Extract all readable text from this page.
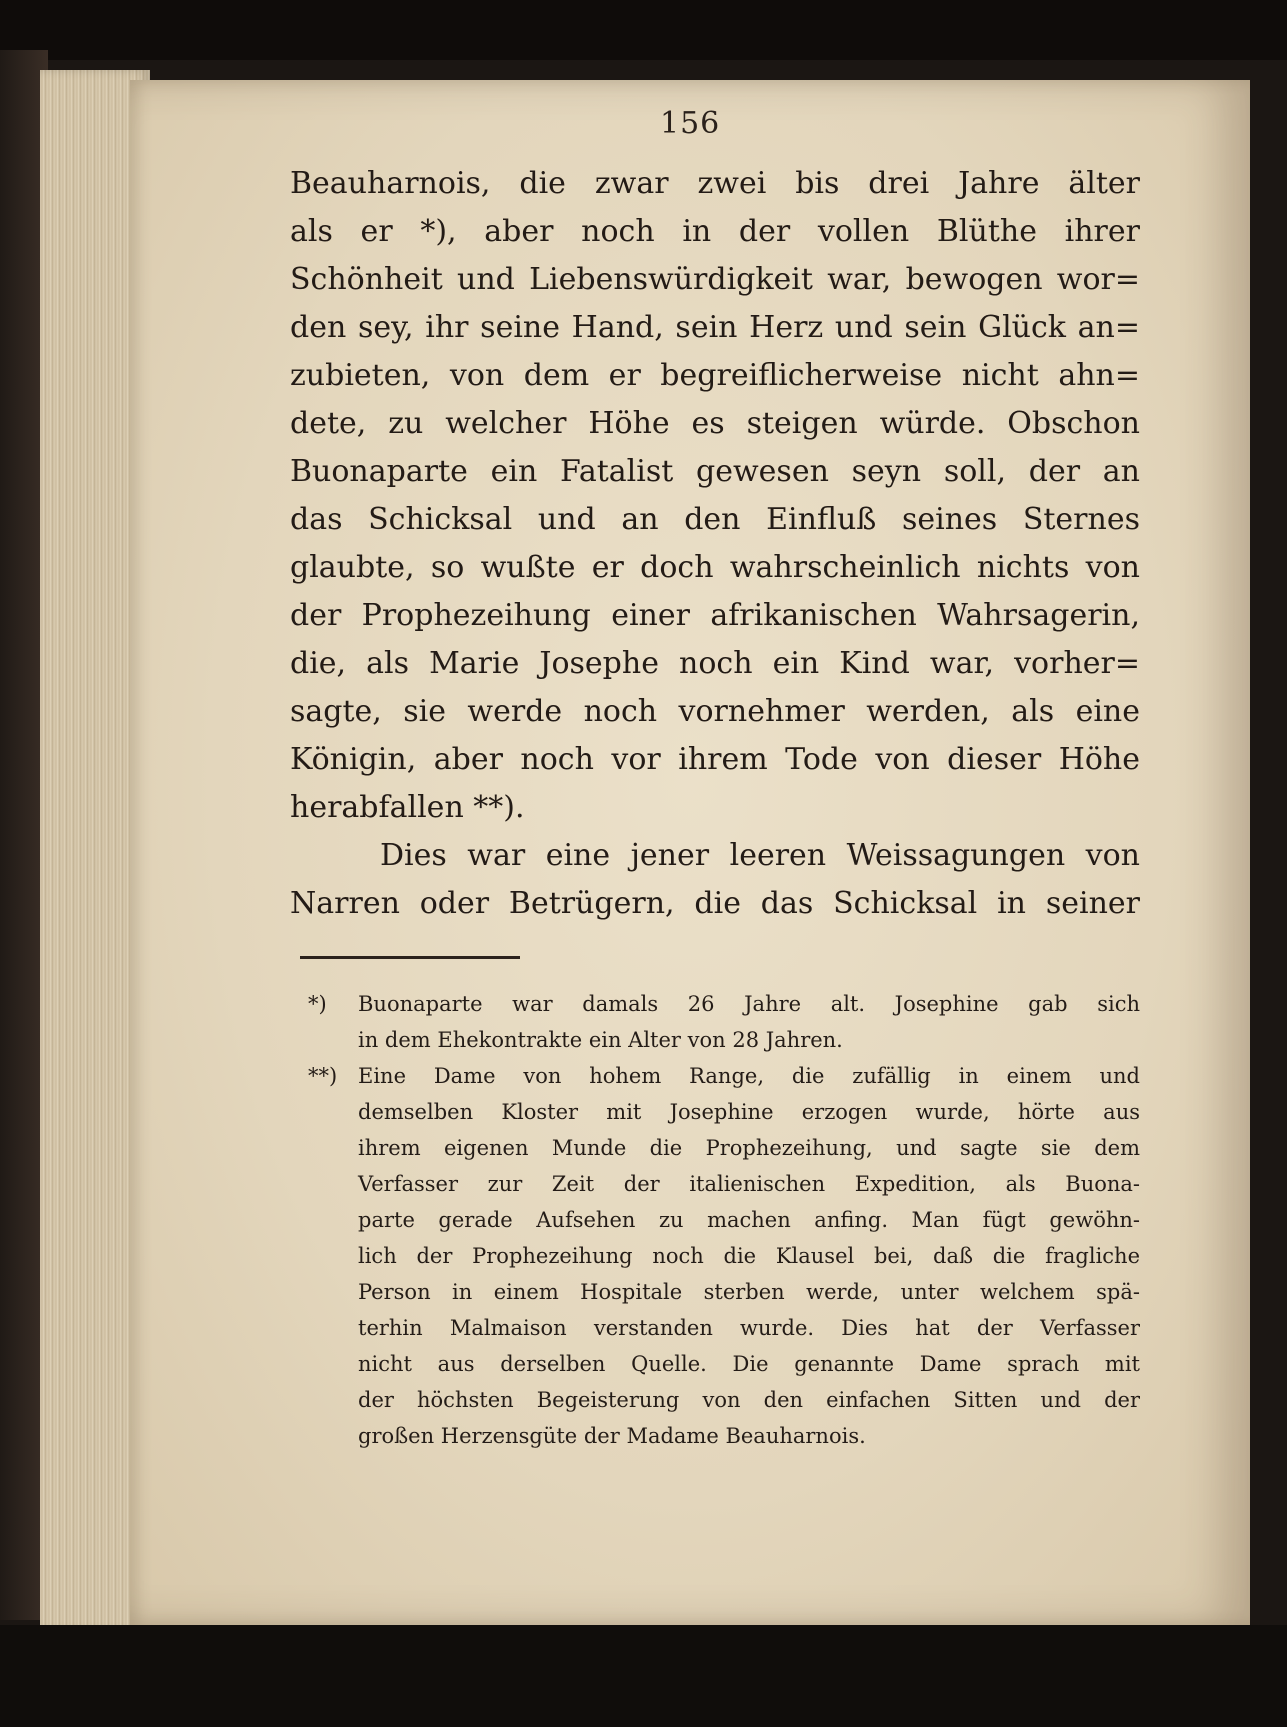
156
Beauharnois, die zwar zwei bis drei Jahre älter
als er *), aber noch in der vollen Blüthe ihrer
Schönheit und Liebenswürdigkeit war, bewogen wor=
den sey, ihr seine Hand, sein Herz und sein Glück an=
zubieten, von dem er begreiflicherweise nicht ahn=
dete, zu welcher Höhe es steigen würde. Obschon
Buonaparte ein Fatalist gewesen seyn soll, der an
das Schicksal und an den Einfluß seines Sternes
glaubte, so wußte er doch wahrscheinlich nichts von
der Prophezeihung einer afrikanischen Wahrsagerin,
die, als Marie Josephe noch ein Kind war, vorher=
sagte, sie werde noch vornehmer werden, als eine
Königin, aber noch vor ihrem Tode von dieser Höhe
herabfallen **).
Dies war eine jener leeren Weissagungen von
Narren oder Betrügern, die das Schicksal in seiner
*) Buonaparte war damals 26 Jahre alt. Josephine gab sich
in dem Ehekontrakte ein Alter von 28 Jahren.
**) Eine Dame von hohem Range, die zufällig in einem und
demselben Kloster mit Josephine erzogen wurde, hörte aus
ihrem eigenen Munde die Prophezeihung, und sagte sie dem
Verfasser zur Zeit der italienischen Expedition, als Buona-
parte gerade Aufsehen zu machen anfing. Man fügt gewöhn-
lich der Prophezeihung noch die Klausel bei, daß die fragliche
Person in einem Hospitale sterben werde, unter welchem spä-
terhin Malmaison verstanden wurde. Dies hat der Verfasser
nicht aus derselben Quelle. Die genannte Dame sprach mit
der höchsten Begeisterung von den einfachen Sitten und der
großen Herzensgüte der Madame Beauharnois.
